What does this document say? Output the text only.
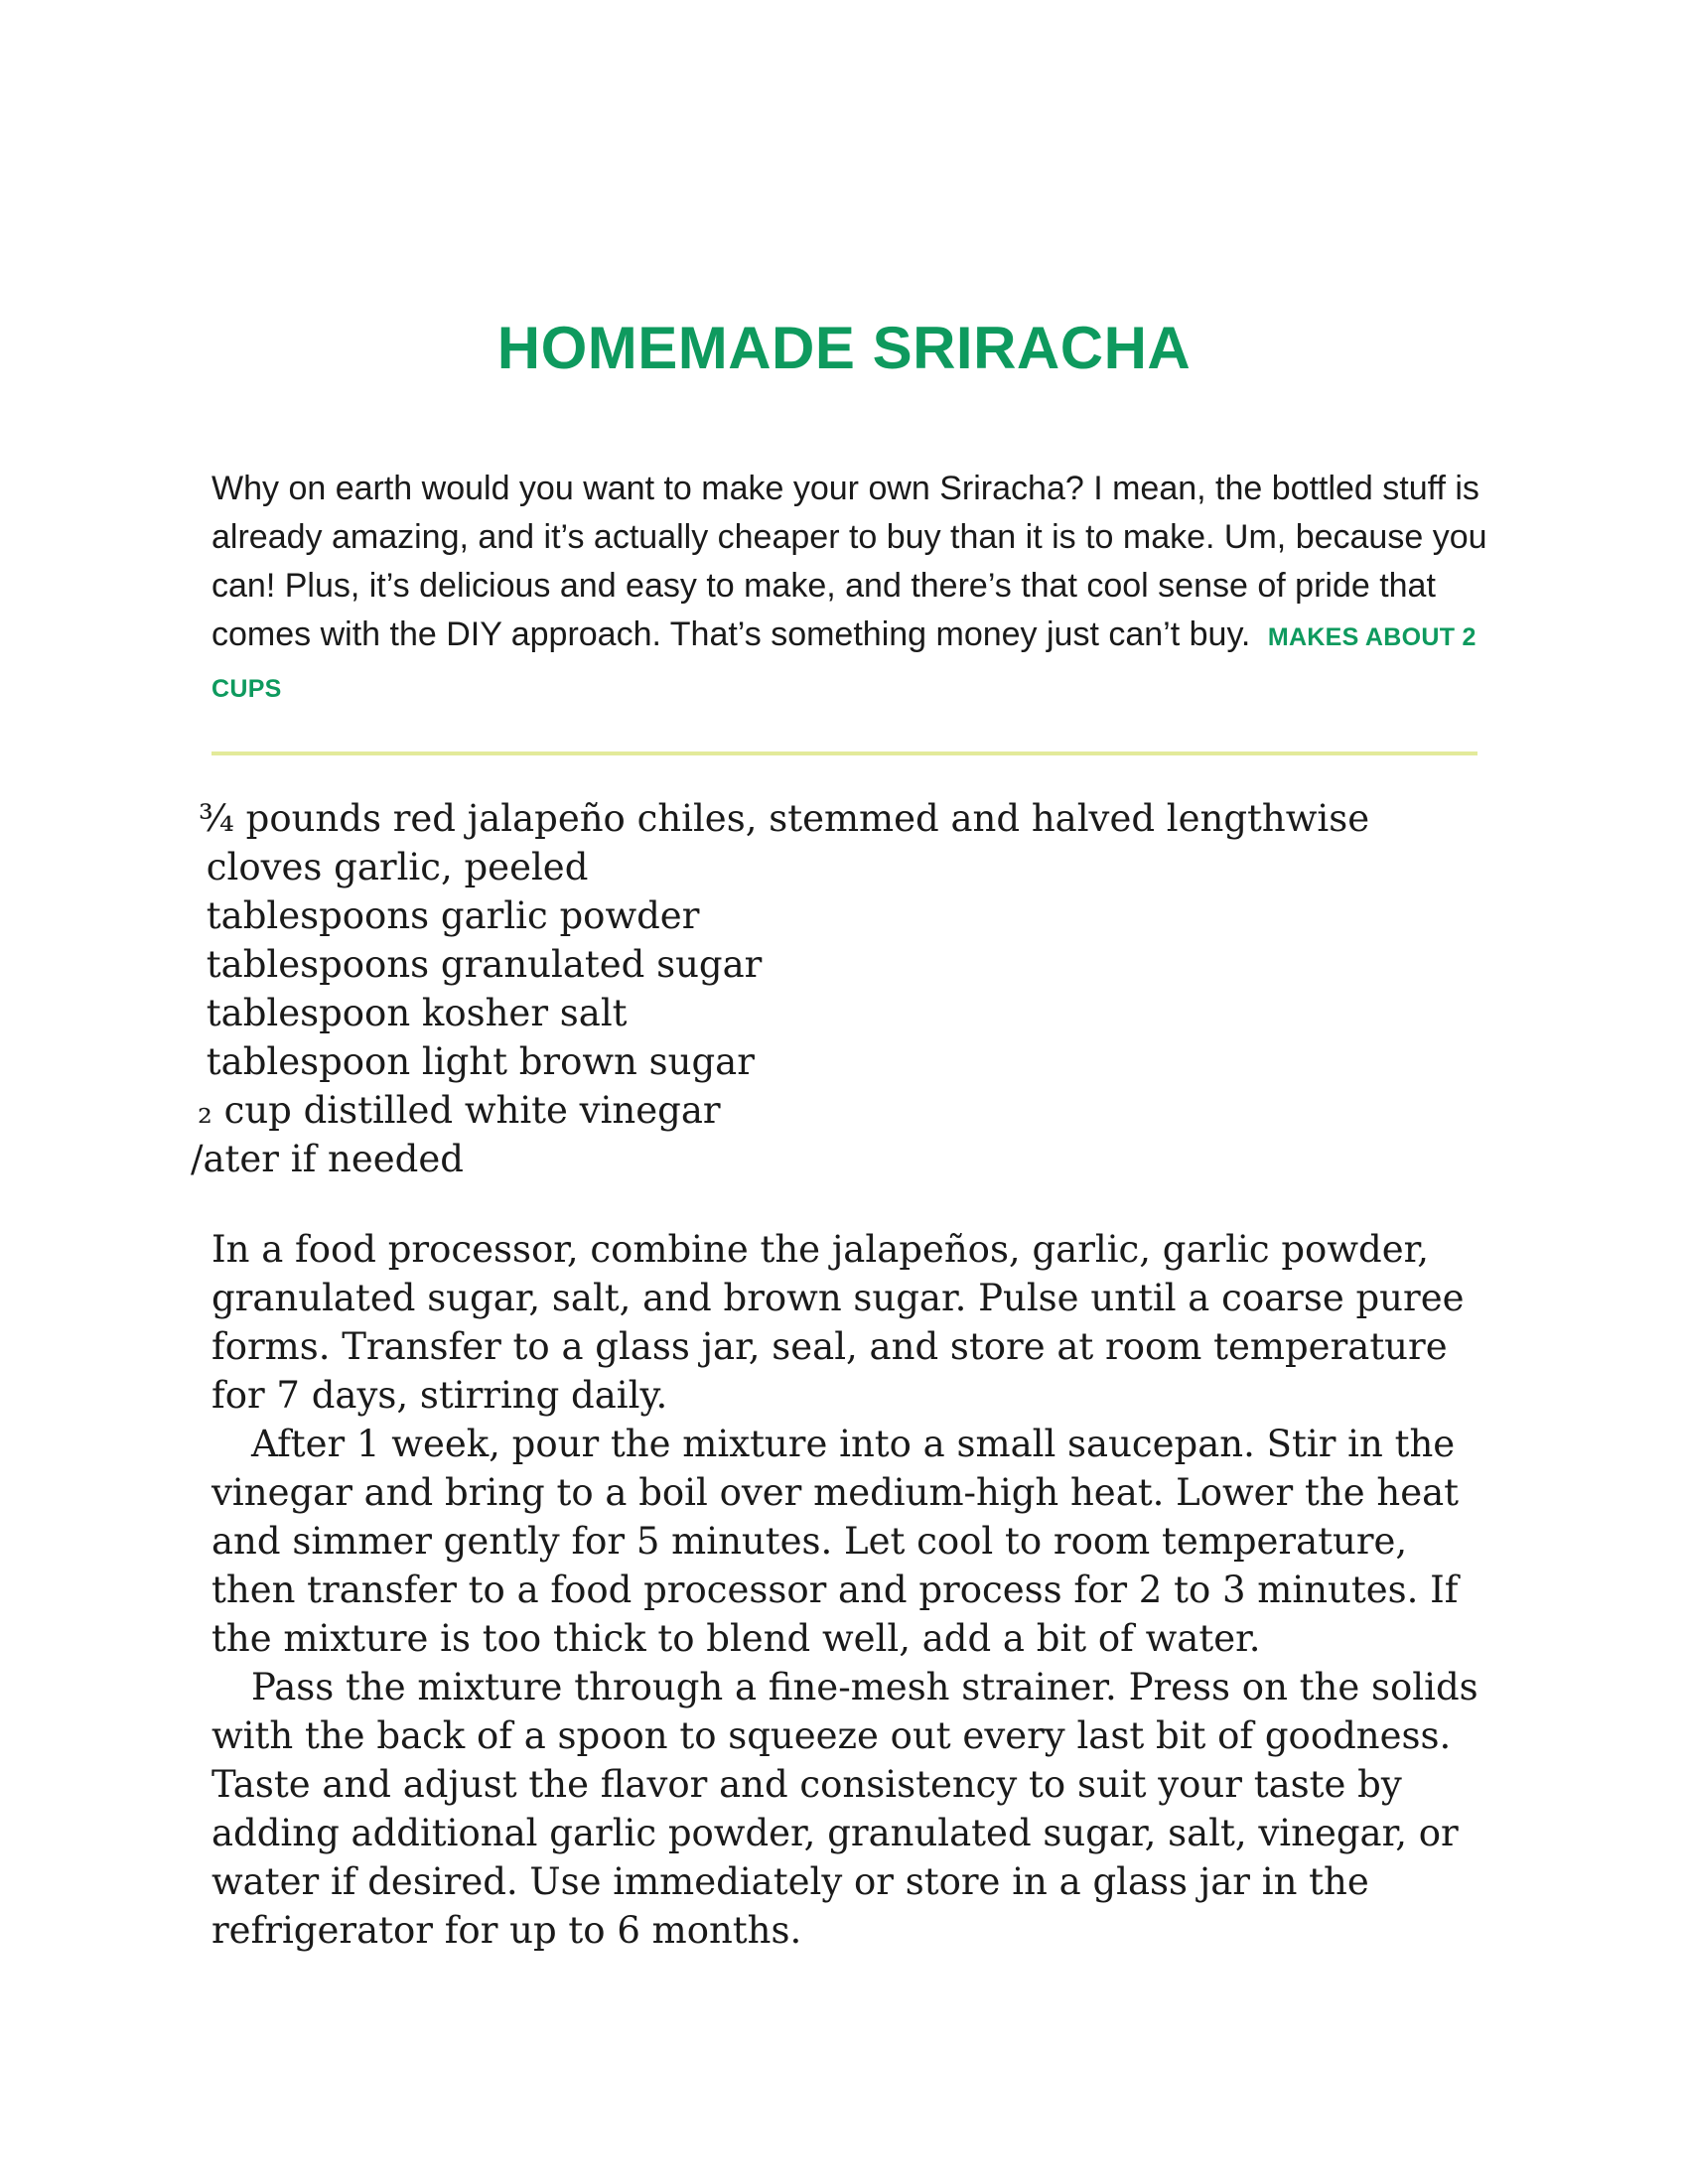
HOMEMADE SRIRACHA

Why on earth would you want to make your own Sriracha? I mean, the bottled stuff is already amazing, and it’s actually cheaper to buy than it is to make. Um, because you can! Plus, it’s delicious and easy to make, and there’s that cool sense of pride that comes with the DIY approach. That’s something money just can’t buy. MAKES ABOUT 2 CUPS

¾ pounds red jalapeño chiles, stemmed and halved lengthwise
cloves garlic, peeled
tablespoons garlic powder
tablespoons granulated sugar
tablespoon kosher salt
tablespoon light brown sugar
₂ cup distilled white vinegar
/ater if needed

In a food processor, combine the jalapeños, garlic, garlic powder, granulated sugar, salt, and brown sugar. Pulse until a coarse puree forms. Transfer to a glass jar, seal, and store at room temperature for 7 days, stirring daily.

After 1 week, pour the mixture into a small saucepan. Stir in the vinegar and bring to a boil over medium-high heat. Lower the heat and simmer gently for 5 minutes. Let cool to room temperature, then transfer to a food processor and process for 2 to 3 minutes. If the mixture is too thick to blend well, add a bit of water.

Pass the mixture through a fine-mesh strainer. Press on the solids with the back of a spoon to squeeze out every last bit of goodness. Taste and adjust the flavor and consistency to suit your taste by adding additional garlic powder, granulated sugar, salt, vinegar, or water if desired. Use immediately or store in a glass jar in the refrigerator for up to 6 months.
